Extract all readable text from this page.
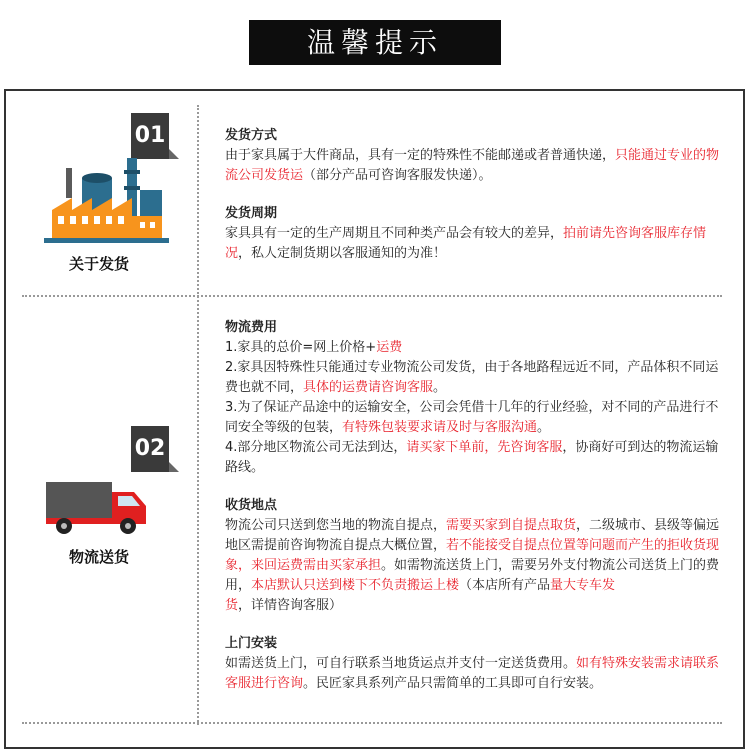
温馨提示
01
关于发货

发货方式

由于家具属于大件商品，具有一定的特殊性不能邮递或者普通快递，只能通过专业的物流公司发货运（部分产品可咨询客服发快递）。

发货周期

家具具有一定的生产周期且不同种类产品会有较大的差异，拍前请先咨询客服库存情况，私人定制货期以客服通知的为准！

02
物流送货

物流费用

1.家具的总价=网上价格+运费

2.家具因特殊性只能通过专业物流公司发货，由于各地路程远近不同，产品体积不同运费也就不同，具体的运费请咨询客服。

3.为了保证产品途中的运输安全，公司会凭借十几年的行业经验，对不同的产品进行不同安全等级的包装，有特殊包装要求请及时与客服沟通。

4.部分地区物流公司无法到达，请买家下单前，先咨询客服，协商好可到达的物流运输路线。

收货地点

物流公司只送到您当地的物流自提点，需要买家到自提点取货，二级城市、县级等偏远地区需提前咨询物流自提点大概位置，若不能接受自提点位置等问题而产生的拒收货现象，来回运费需由买家承担。如需物流送货上门，需要另外支付物流公司送货上门的费用，本店默认只送到楼下不负责搬运上楼（本店所有产品量大专车发货，详情咨询客服）

上门安装

如需送货上门，可自行联系当地货运点并支付一定送货费用。如有特殊安装需求请联系客服进行咨询。民匠家具系列产品只需简单的工具即可自行安装。
